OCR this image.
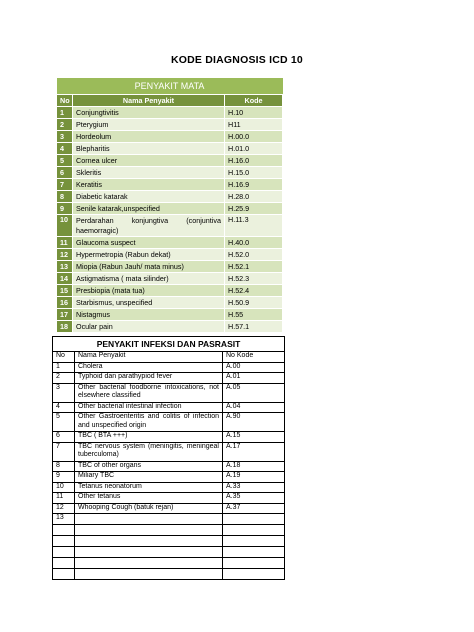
KODE DIAGNOSIS ICD 10
PENYAKIT MATA		
No	Nama Penyakit	Kode
1	Conjungtivitis	H.10
2	Pterygium	H11
3	Hordeolum	H.00.0
4	Blepharitis	H.01.0
5	Cornea ulcer	H.16.0
6	Skleritis	H.15.0
7	Keratitis	H.16.9
8	Diabetic katarak	H.28.0
9	Senile katarak,unspecified	H.25.9
10	Perdarahan konjungtiva (conjuntiva haemorragic)	H.11.3
11	Glaucoma suspect	H.40.0
12	Hypermetropia (Rabun dekat)	H.52.0
13	Miopia (Rabun Jauh/ mata minus)	H.52.1
14	Astigmatisma ( mata silinder)	H.52.3
15	Presbiopia (mata tua)	H.52.4
16	Starbismus, unspecified	H.50.9
17	Nistagmus	H.55
18	Ocular pain	H.57.1
PENYAKIT INFEKSI DAN PASRASIT		
No	Nama Penyakit	No Kode
1	Cholera	A.00
2	Typhoid dan parathypiod fever	A.01
3	Other bacterial foodborne intoxications, not elsewhere classified	A.05
4	Other bacterial intestinal infection	A.04
5	Other Gastroenteritis and colitis of infection and unspecified origin	A.90
6	TBC ( BTA +++)	A.15
7	TBC nervous system (meningitis, meningeal tuberculoma)	A.17
8	TBC of other organs	A.18
9	Miliary TBC	A.19
10	Tetanus neonatorum	A.33
11	Other tetanus	A.35
12	Whooping Cough (batuk rejan)	A.37
13		
